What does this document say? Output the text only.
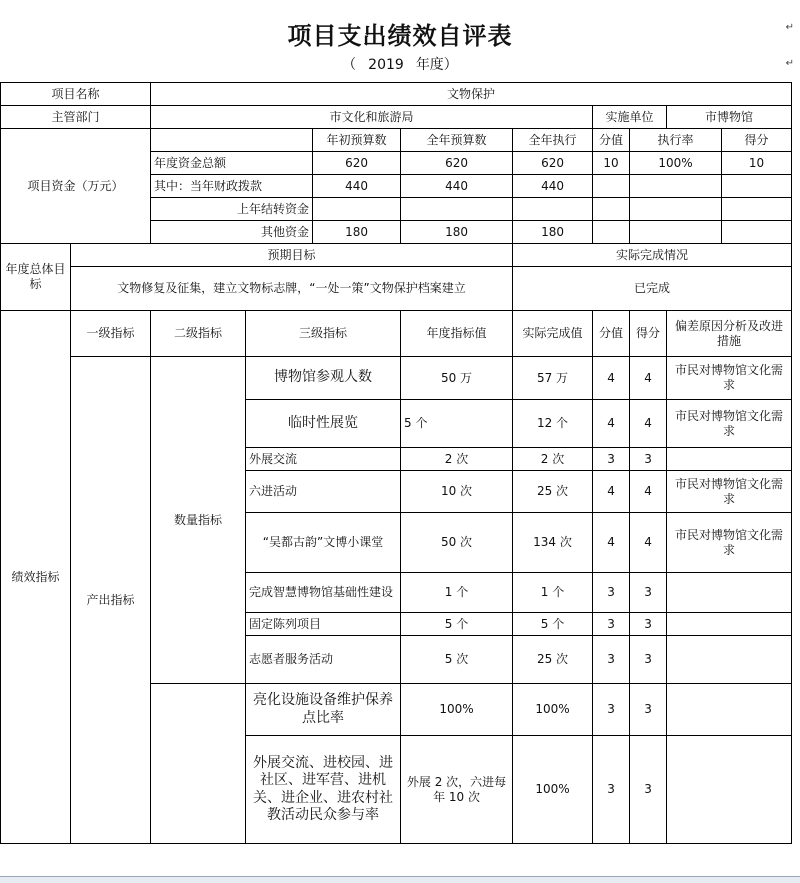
项目支出绩效自评表
（ 2019 年度）
↵
↵
项目名称		文物保护								
主管部门		市文化和旅游局					实施单位		市博物馆	
项目资金（万元）				年初预算数	全年预算数	全年执行	分值	执行率		得分
		年度资金总额		620	620	620	10	100%		10
		其中：当年财政拨款		440	440	440				
		上年结转资金								
		其他资金		180	180	180				
年度总体目标	预期目标					实际完成情况				
	文物修复及征集，建立文物标志牌，“一处一策”文物保护档案建立					已完成				
绩效指标	一级指标	二级指标	三级指标		年度指标值	实际完成值	分值	得分	偏差原因分析及改进措施	
	产出指标	数量指标	博物馆参观人数		50 万	57 万	4	4	市民对博物馆文化需求	
			临时性展览		5 个	12 个	4	4	市民对博物馆文化需求	
			外展交流		2 次	2 次	3	3		
			六进活动		10 次	25 次	4	4	市民对博物馆文化需求	
			“吴都古韵”文博小课堂		50 次	134 次	4	4	市民对博物馆文化需求	
			完成智慧博物馆基础性建设		1 个	1 个	3	3		
			固定陈列项目		5 个	5 个	3	3		
			志愿者服务活动		5 次	25 次	3	3		
			亮化设施设备维护保养点比率		100%	100%	3	3		
			外展交流、进校园、进社区、进军营、进机关、进企业、进农村社教活动民众参与率		外展 2 次，六进每年 10 次	100%	3	3		
